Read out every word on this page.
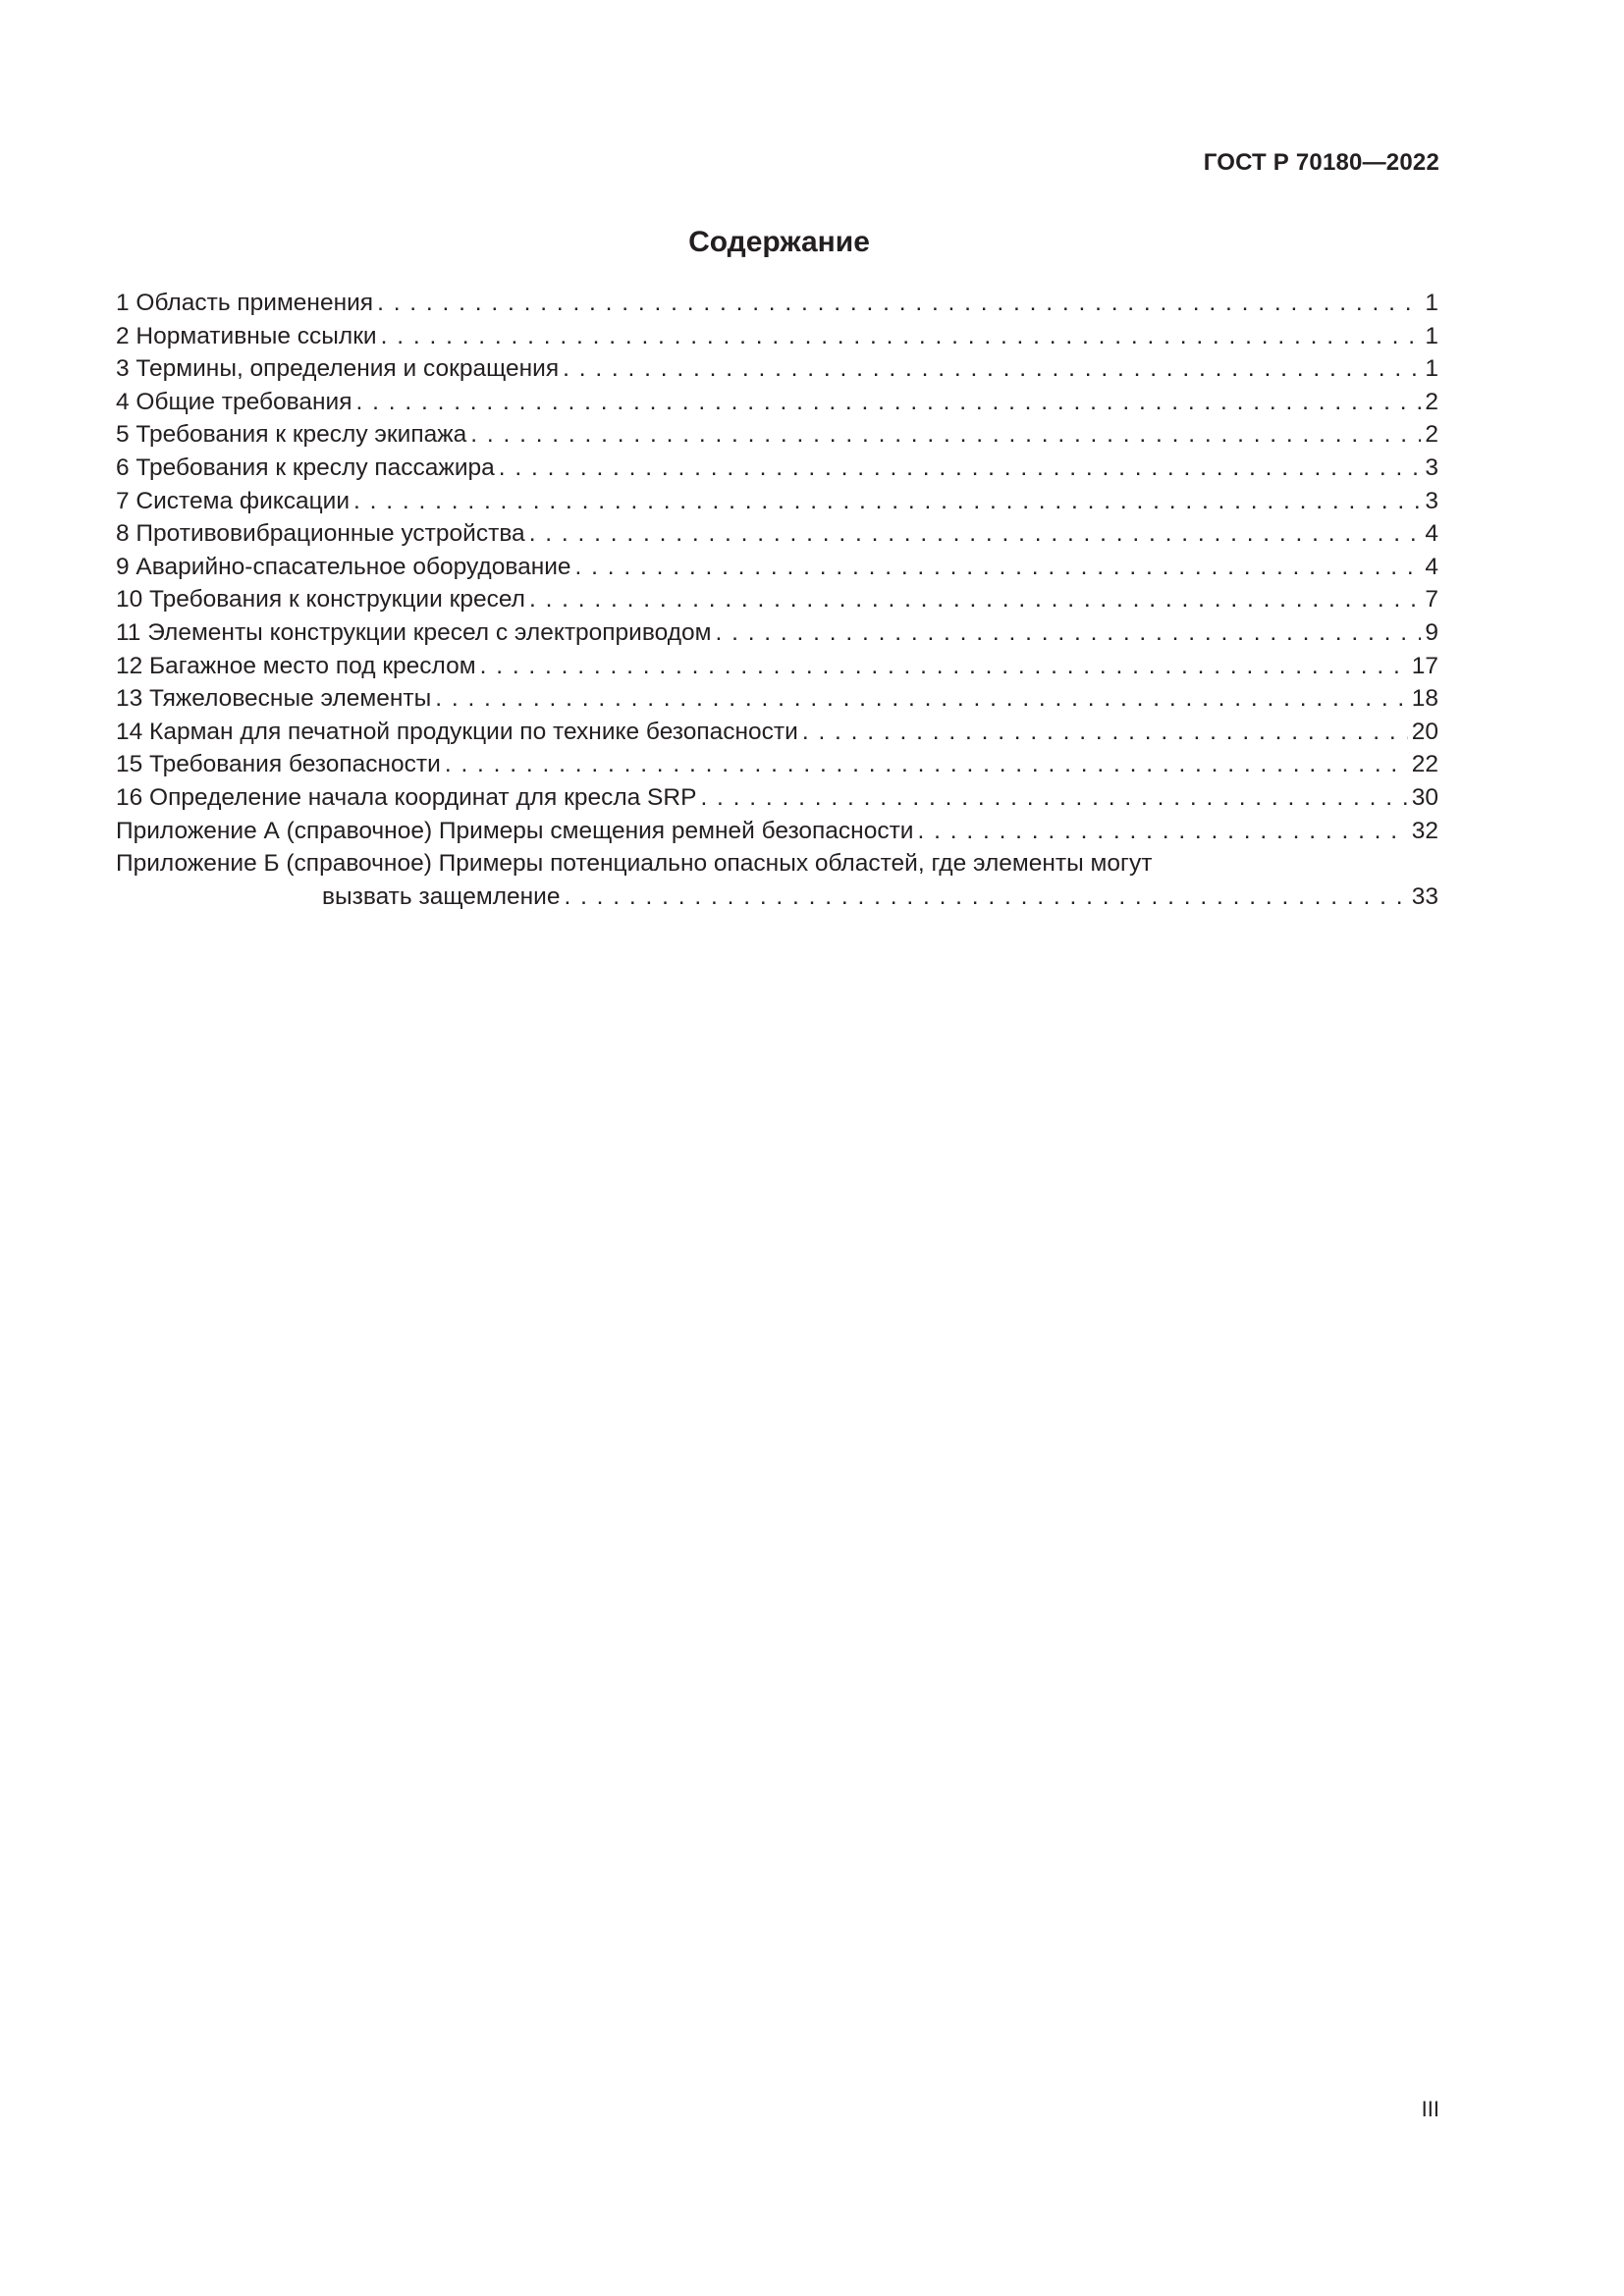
ГОСТ Р 70180—2022
Содержание
1 Область применения . . .	1
2 Нормативные ссылки . . .	1
3 Термины, определения и сокращения . . .	1
4 Общие требования . . .	2
5 Требования к креслу экипажа . . .	2
6 Требования к креслу пассажира . . .	3
7 Система фиксации . . .	3
8 Противовибрационные устройства . . .	4
9 Аварийно-спасательное оборудование . . .	4
10 Требования к конструкции кресел . . .	7
11 Элементы конструкции кресел с электроприводом . . .	9
12 Багажное место под креслом . . .	17
13 Тяжеловесные элементы . . .	18
14 Карман для печатной продукции по технике безопасности . . .	20
15 Требования безопасности . . .	22
16 Определение начала координат для кресла SRP . . .	30
Приложение А (справочное) Примеры смещения ремней безопасности . . .	32
Приложение Б (справочное) Примеры потенциально опасных областей, где элементы могут
вызвать защемление . . .	33
III
